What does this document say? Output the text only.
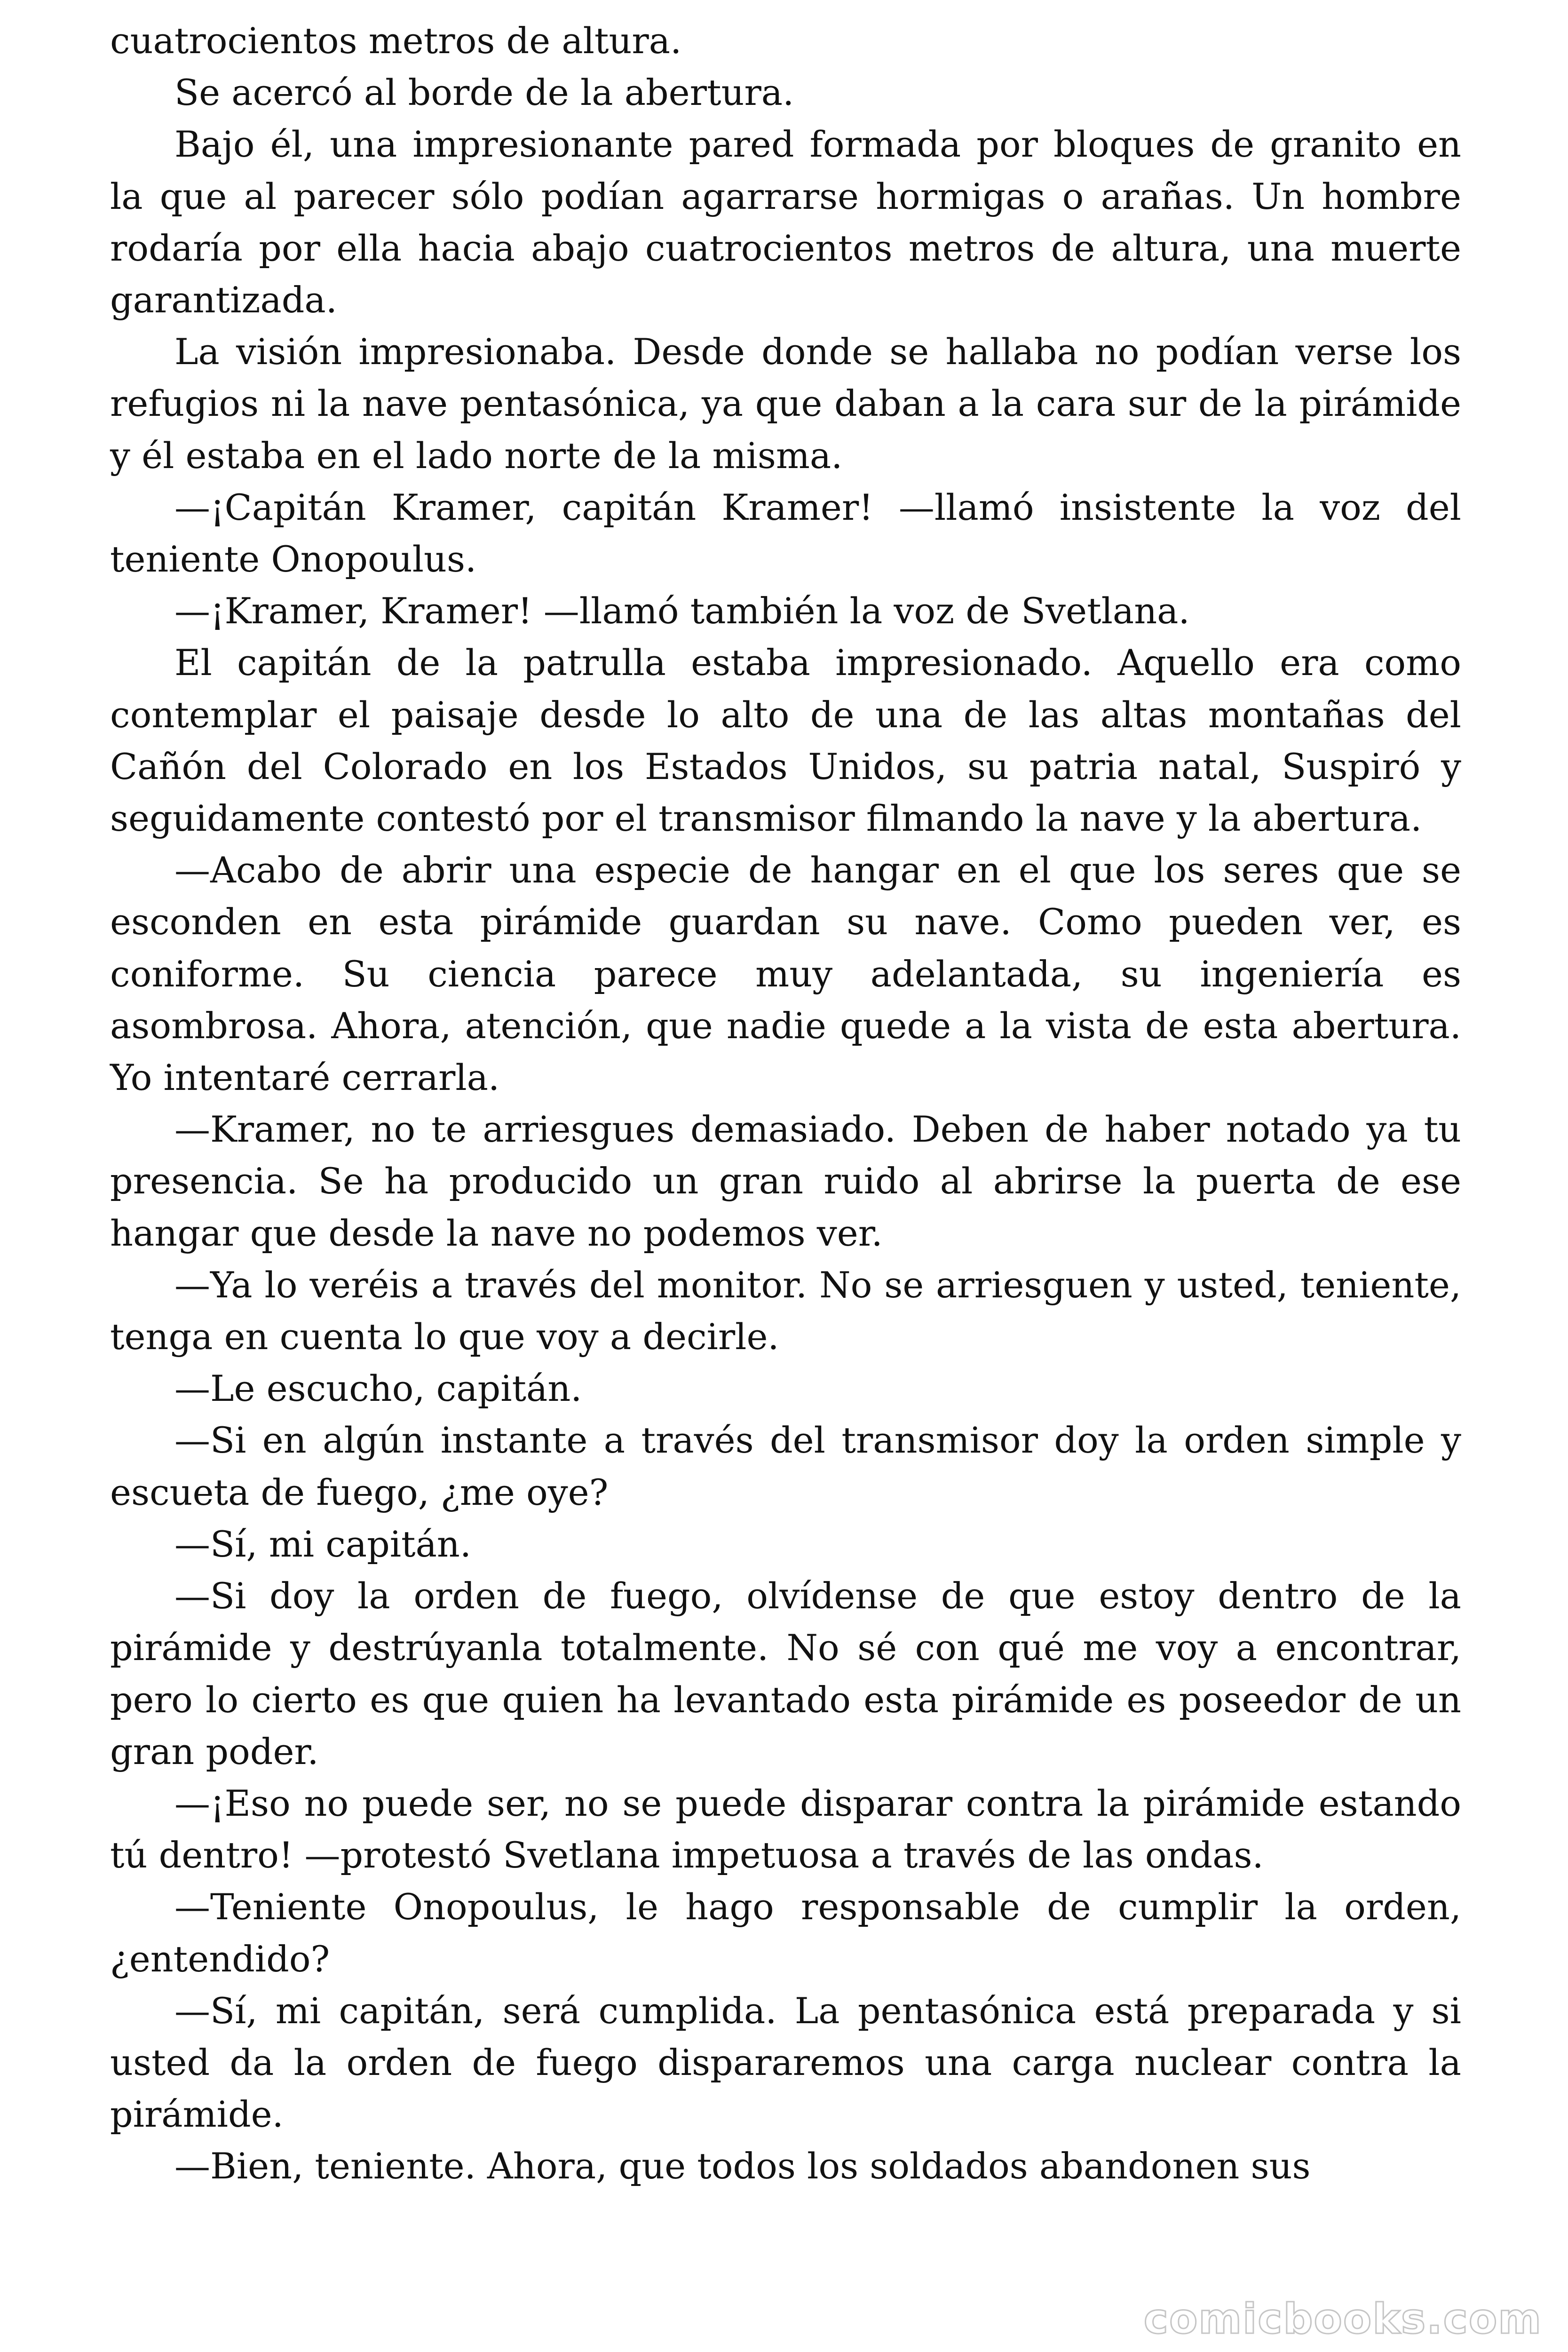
cuatrocientos metros de altura.

Se acercó al borde de la abertura.

Bajo él, una impresionante pared formada por bloques de granito en la que al parecer sólo podían agarrarse hormigas o arañas. Un hombre rodaría por ella hacia abajo cuatrocientos metros de altura, una muerte garantizada.

La visión impresionaba. Desde donde se hallaba no podían verse los refugios ni la nave pentasónica, ya que daban a la cara sur de la pirámide y él estaba en el lado norte de la misma.

—¡Capitán Kramer, capitán Kramer! —llamó insistente la voz del teniente Onopoulus.

—¡Kramer, Kramer! —llamó también la voz de Svetlana.

El capitán de la patrulla estaba impresionado. Aquello era como contemplar el paisaje desde lo alto de una de las altas montañas del Cañón del Colorado en los Estados Unidos, su patria natal, Suspiró y seguidamente contestó por el transmisor filmando la nave y la abertura.

—Acabo de abrir una especie de hangar en el que los seres que se esconden en esta pirámide guardan su nave. Como pueden ver, es coniforme. Su ciencia parece muy adelantada, su ingeniería es asombrosa. Ahora, atención, que nadie quede a la vista de esta abertura. Yo intentaré cerrarla.

—Kramer, no te arriesgues demasiado. Deben de haber notado ya tu presencia. Se ha producido un gran ruido al abrirse la puerta de ese hangar que desde la nave no podemos ver.

—Ya lo veréis a través del monitor. No se arriesguen y usted, teniente, tenga en cuenta lo que voy a decirle.

—Le escucho, capitán.

—Si en algún instante a través del transmisor doy la orden simple y escueta de fuego, ¿me oye?

—Sí, mi capitán.

—Si doy la orden de fuego, olvídense de que estoy dentro de la pirámide y destrúyanla totalmente. No sé con qué me voy a encontrar, pero lo cierto es que quien ha levantado esta pirámide es poseedor de un gran poder.

—¡Eso no puede ser, no se puede disparar contra la pirámide estando tú dentro! —protestó Svetlana impetuosa a través de las ondas.

—Teniente Onopoulus, le hago responsable de cumplir la orden, ¿entendido?

—Sí, mi capitán, será cumplida. La pentasónica está preparada y si usted da la orden de fuego dispararemos una carga nuclear contra la pirámide.

—Bien, teniente. Ahora, que todos los soldados abandonen sus

comicbooks.com
